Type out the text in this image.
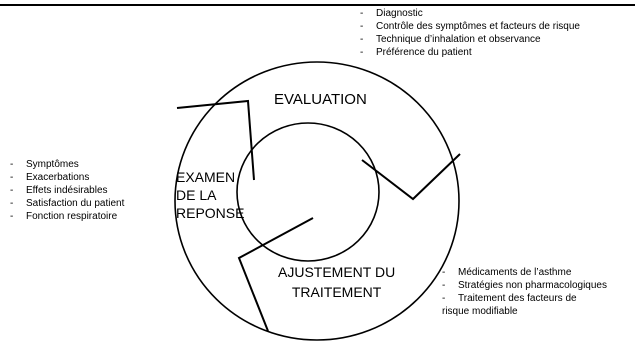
EVALUATION
EXAMEN
DE LA
REPONSE
AJUSTEMENT DU
TRAITEMENT
- Diagnostic
- Contrôle des symptômes et facteurs de risque
- Technique d’inhalation et observance
- Préférence du patient
- Symptômes
- Exacerbations
- Effets indésirables
- Satisfaction du patient
- Fonction respiratoire
- Médicaments de l’asthme
- Stratégies non pharmacologiques
- Traitement des facteurs de
risque modifiable
